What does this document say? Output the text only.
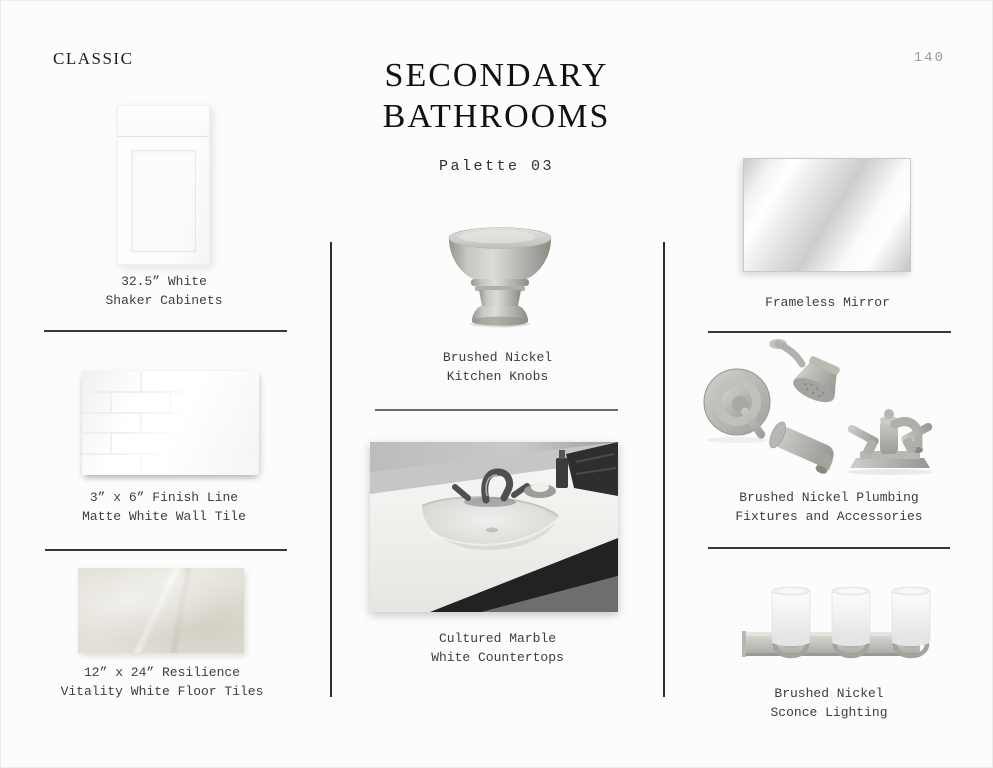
CLASSIC	140
SECONDARY
BATHROOMS
Palette 03
32.5” White
Shaker Cabinets
3” x 6” Finish Line
Matte White Wall Tile
12” x 24” Resilience
Vitality White Floor Tiles
Brushed Nickel
Kitchen Knobs
Cultured Marble
White Countertops
Frameless Mirror
Brushed Nickel Plumbing
Fixtures and Accessories
Brushed Nickel
Sconce Lighting
